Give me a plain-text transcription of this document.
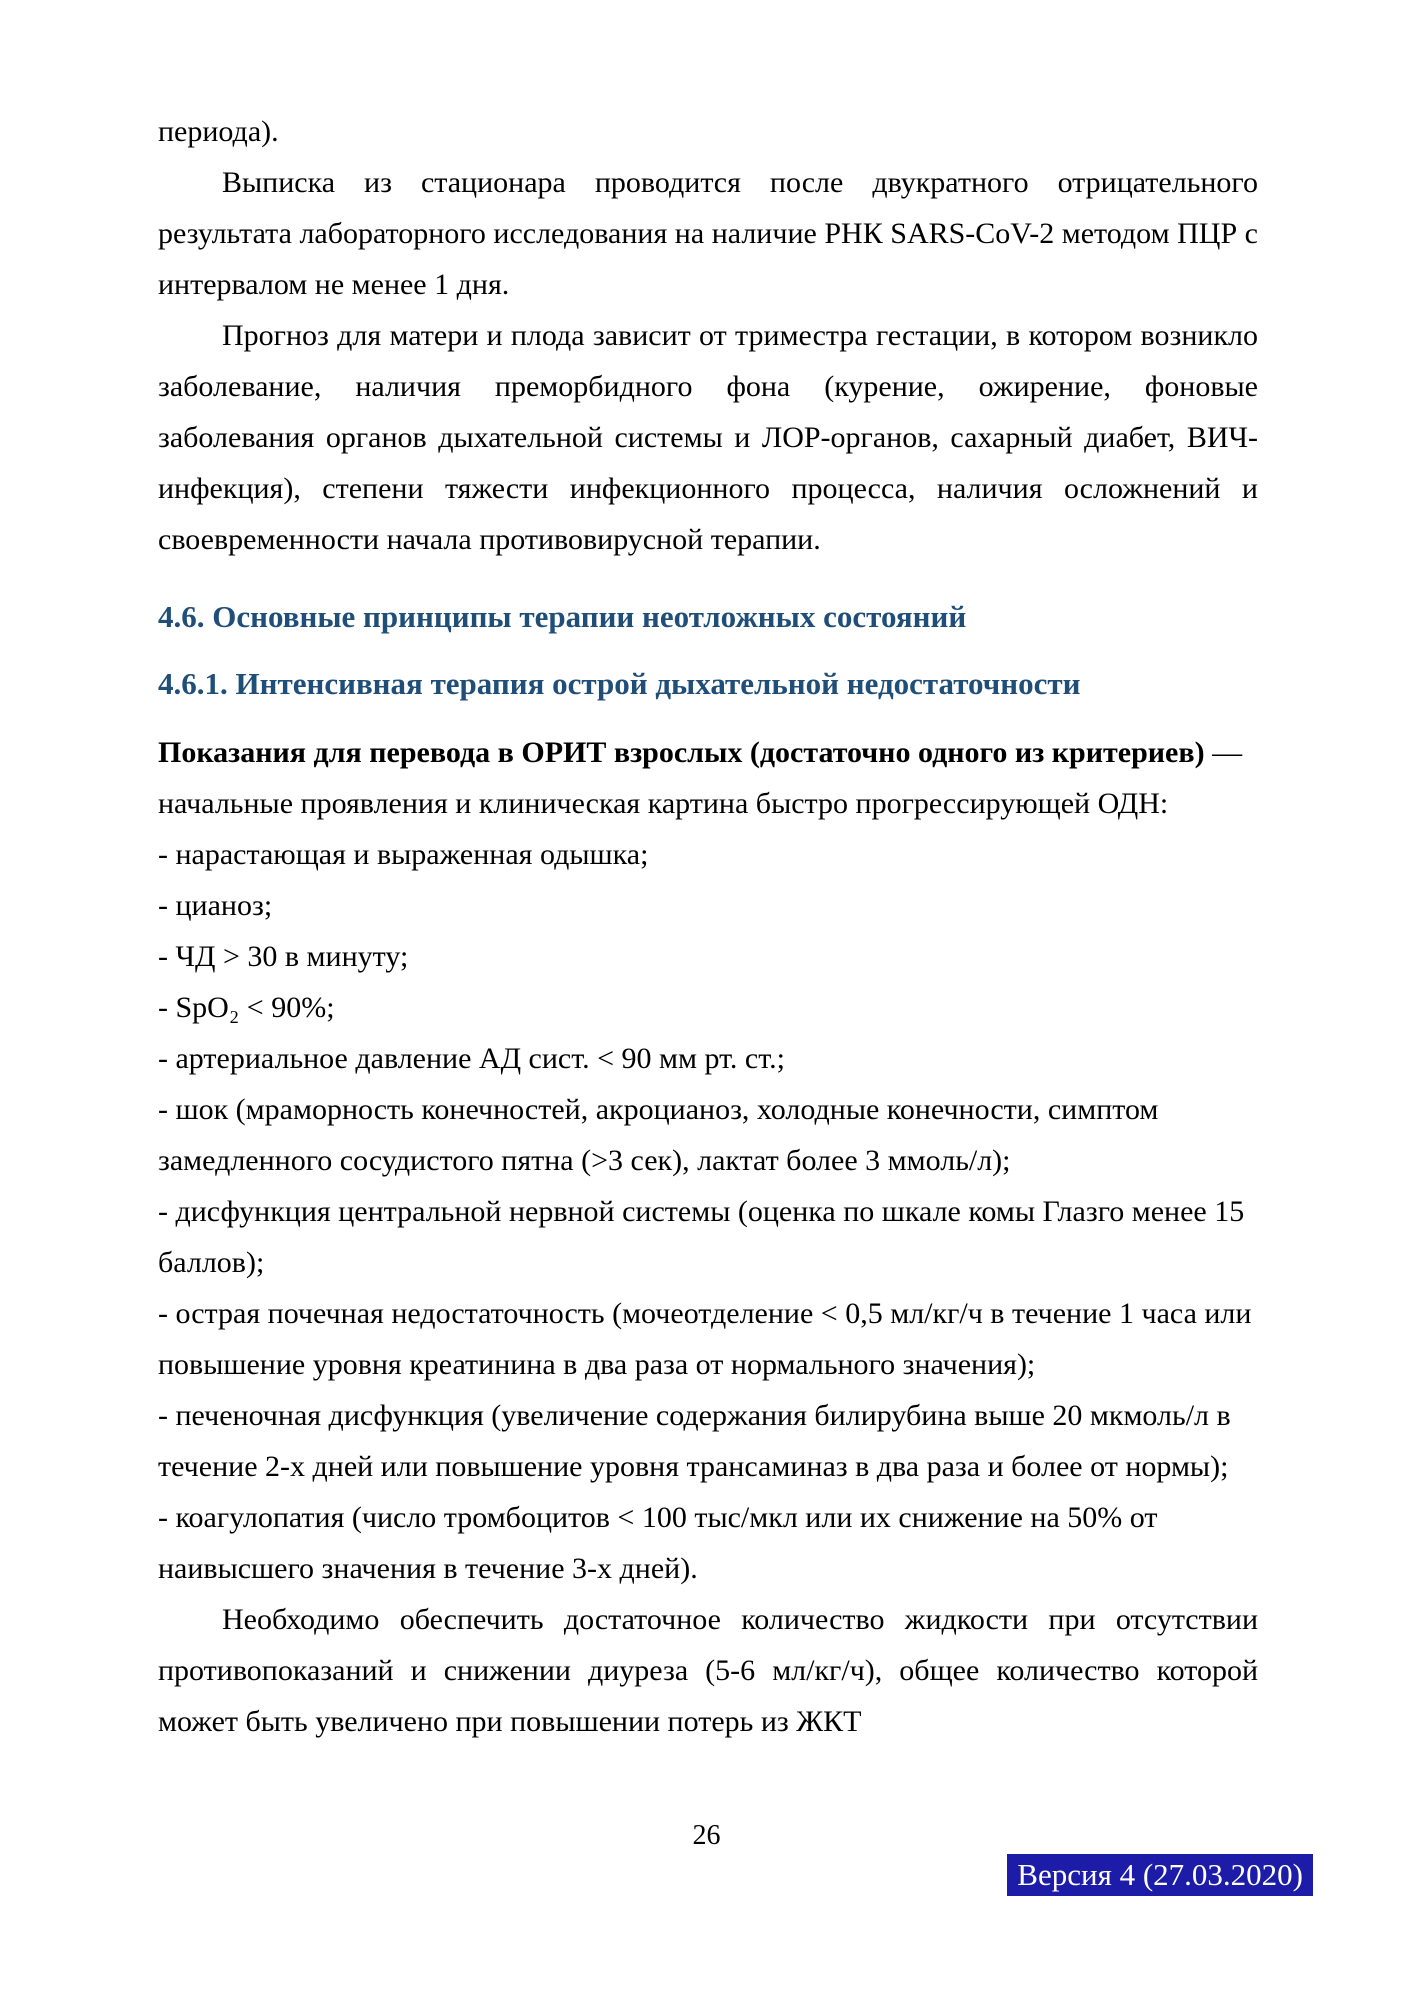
периода).

Выписка из стационара проводится после двукратного отрицательного результата лабораторного исследования на наличие РНК SARS-CoV-2 методом ПЦР с интервалом не менее 1 дня.

Прогноз для матери и плода зависит от триместра гестации, в котором возникло заболевание, наличия преморбидного фона (курение, ожирение, фоновые заболевания органов дыхательной системы и ЛОР-органов, сахарный диабет, ВИЧ-инфекция), степени тяжести инфекционного процесса, наличия осложнений и своевременности начала противовирусной терапии.

4.6. Основные принципы терапии неотложных состояний
4.6.1. Интенсивная терапия острой дыхательной недостаточности

Показания для перевода в ОРИТ взрослых (достаточно одного из критериев) — начальные проявления и клиническая картина быстро прогрессирующей ОДН:

- нарастающая и выраженная одышка;

- цианоз;

- ЧД > 30 в минуту;

- SpO₂ < 90%;

- артериальное давление АД сист. < 90 мм рт. ст.;

- шок (мраморность конечностей, акроцианоз, холодные конечности, симптом замедленного сосудистого пятна (>3 сек), лактат более 3 ммоль/л);

- дисфункция центральной нервной системы (оценка по шкале комы Глазго менее 15 баллов);

- острая почечная недостаточность (мочеотделение < 0,5 мл/кг/ч в течение 1 часа или повышение уровня креатинина в два раза от нормального значения);

- печеночная дисфункция (увеличение содержания билирубина выше 20 мкмоль/л в течение 2-х дней или повышение уровня трансаминаз в два раза и более от нормы);

- коагулопатия (число тромбоцитов < 100 тыс/мкл или их снижение на 50% от наивысшего значения в течение 3-х дней).

Необходимо обеспечить достаточное количество жидкости при отсутствии противопоказаний и снижении диуреза (5-6 мл/кг/ч), общее количество которой может быть увеличено при повышении потерь из ЖКТ

26
Версия 4 (27.03.2020)
